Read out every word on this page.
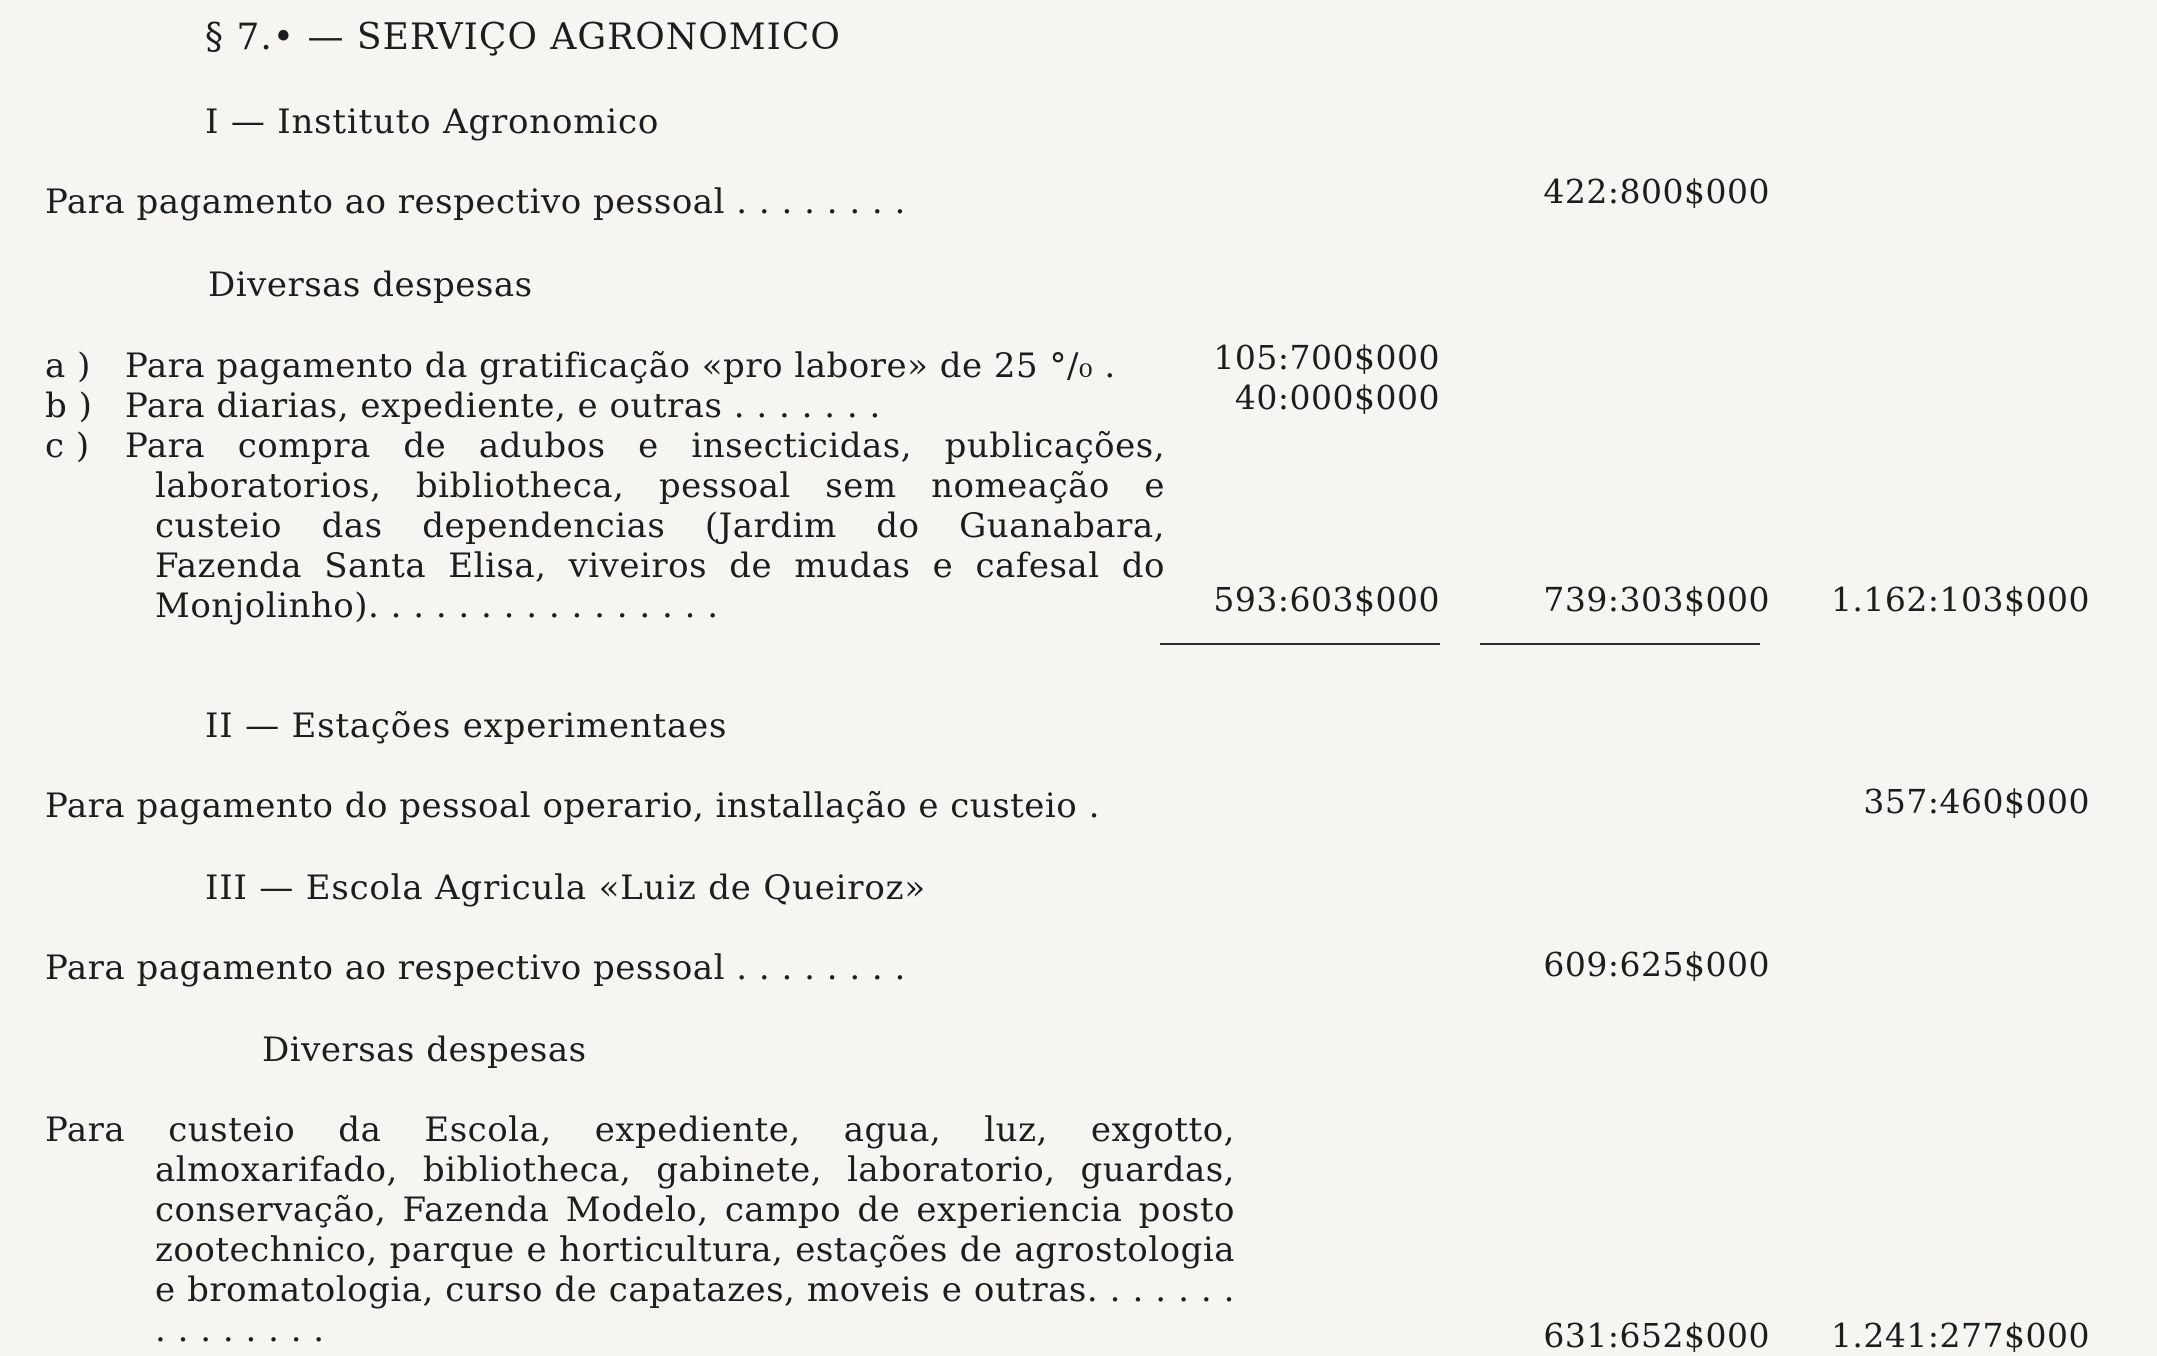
§ 7.• — SERVIÇO AGRONOMICO
I — Instituto Agronomico
Para pagamento ao respectivo pessoal . . . . . . . .	422:800$000
Diversas despesas
a )	Para pagamento da gratificação «pro labore» de 25 °/₀ .	105:700$000
b ) Para diarias, expediente, e outras . . . . . . .	40:000$000
c )	Para compra de adubos e insecticidas, publicações, laboratorios, bibliotheca, pessoal sem nomeação e custeio das dependencias (Jardim do Guanabara, Fazenda Santa Elisa, viveiros de mudas e cafesal do Monjolinho). . . . . . . . . . . . . . . .	593:603$000	739:303$000	1.162:103$000
II — Estações experimentaes
Para pagamento do pessoal operario, installação e custeio .	357:460$000
III — Escola Agricula «Luiz de Queiroz»
Para pagamento ao respectivo pessoal . . . . . . . .	609:625$000
Diversas despesas
Para custeio da Escola, expediente, agua, luz, exgotto, almoxarifado, bibliotheca, gabinete, laboratorio, guardas, conservação, Fazenda Modelo, campo de experiencia posto zootechnico, parque e horticultura, estações de agrostologia e bromatologia, curso de capatazes, moveis e outras. . . . . . . . . . . . . . .	631:652$000	1.241:277$000
